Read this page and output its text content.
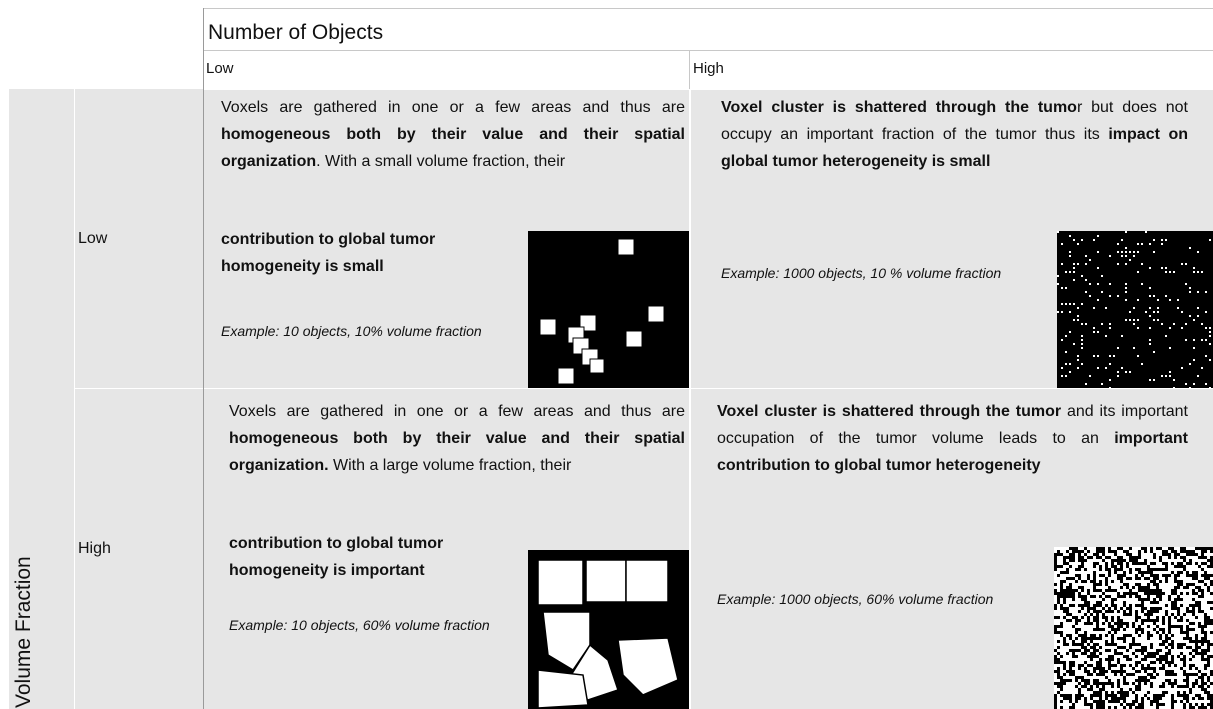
Number of Objects
Low	High
Volume Fraction
Low
High
Voxels are gathered in one or a few areas and thus are homogeneous both by their value and their spatial organization. With a small volume fraction, their
contribution to global tumor homogeneity is small
Example: 10 objects, 10% volume fraction
Voxel cluster is shattered through the tumor but does not occupy an important fraction of the tumor thus its impact on global tumor heterogeneity is small
Example: 1000 objects, 10 % volume fraction
Voxels are gathered in one or a few areas and thus are homogeneous both by their value and their spatial organization. With a large volume fraction, their
contribution to global tumor homogeneity is important
Example: 10 objects, 60% volume fraction
Voxel cluster is shattered through the tumor and its important occupation of the tumor volume leads to an important contribution to global tumor heterogeneity
Example: 1000 objects, 60% volume fraction
